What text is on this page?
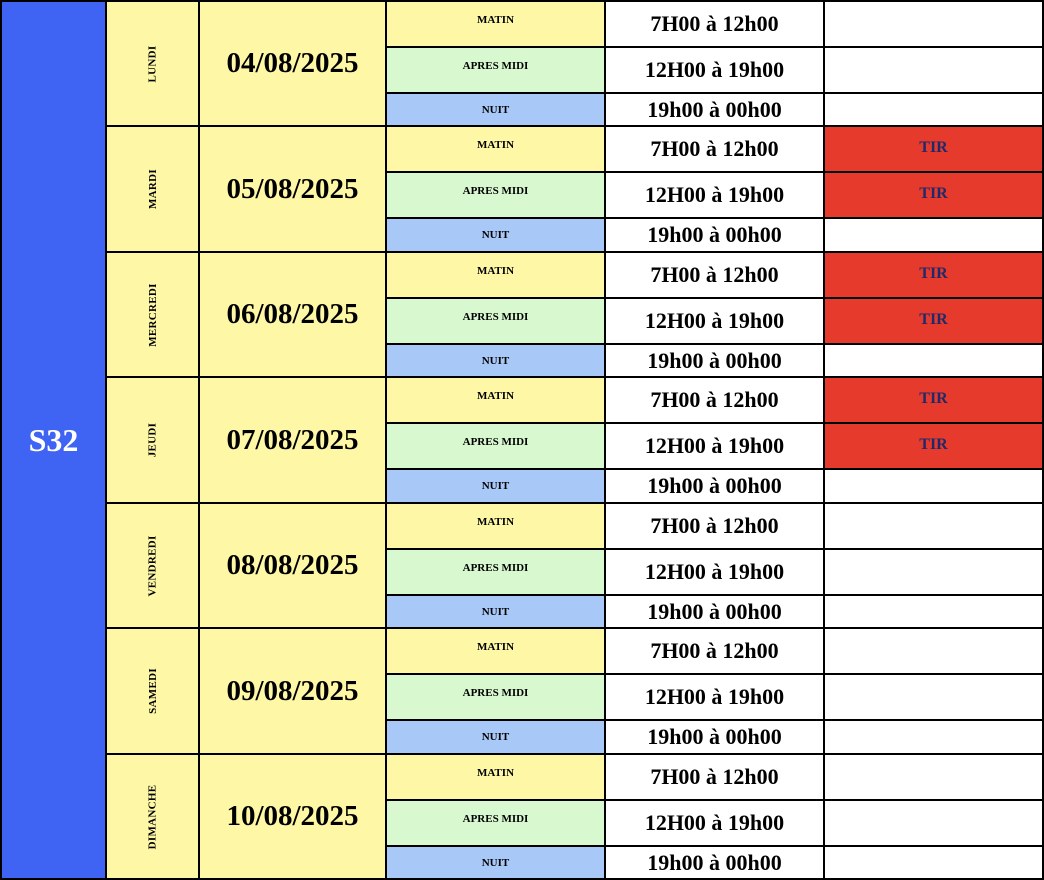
S32
LUNDI 04/08/2025
MATIN	7H00 à 12h00
APRES MIDI	12H00 à 19h00
NUIT	19h00 à 00h00
MARDI 05/08/2025
MATIN	7H00 à 12h00	TIR
APRES MIDI	12H00 à 19h00	TIR
NUIT	19h00 à 00h00
MERCREDI 06/08/2025
MATIN	7H00 à 12h00	TIR
APRES MIDI	12H00 à 19h00	TIR
NUIT	19h00 à 00h00
JEUDI 07/08/2025
MATIN	7H00 à 12h00	TIR
APRES MIDI	12H00 à 19h00	TIR
NUIT	19h00 à 00h00
VENDREDI 08/08/2025
MATIN	7H00 à 12h00
APRES MIDI	12H00 à 19h00
NUIT	19h00 à 00h00
SAMEDI 09/08/2025
MATIN	7H00 à 12h00
APRES MIDI	12H00 à 19h00
NUIT	19h00 à 00h00
DIMANCHE 10/08/2025
MATIN	7H00 à 12h00
APRES MIDI	12H00 à 19h00
NUIT	19h00 à 00h00
